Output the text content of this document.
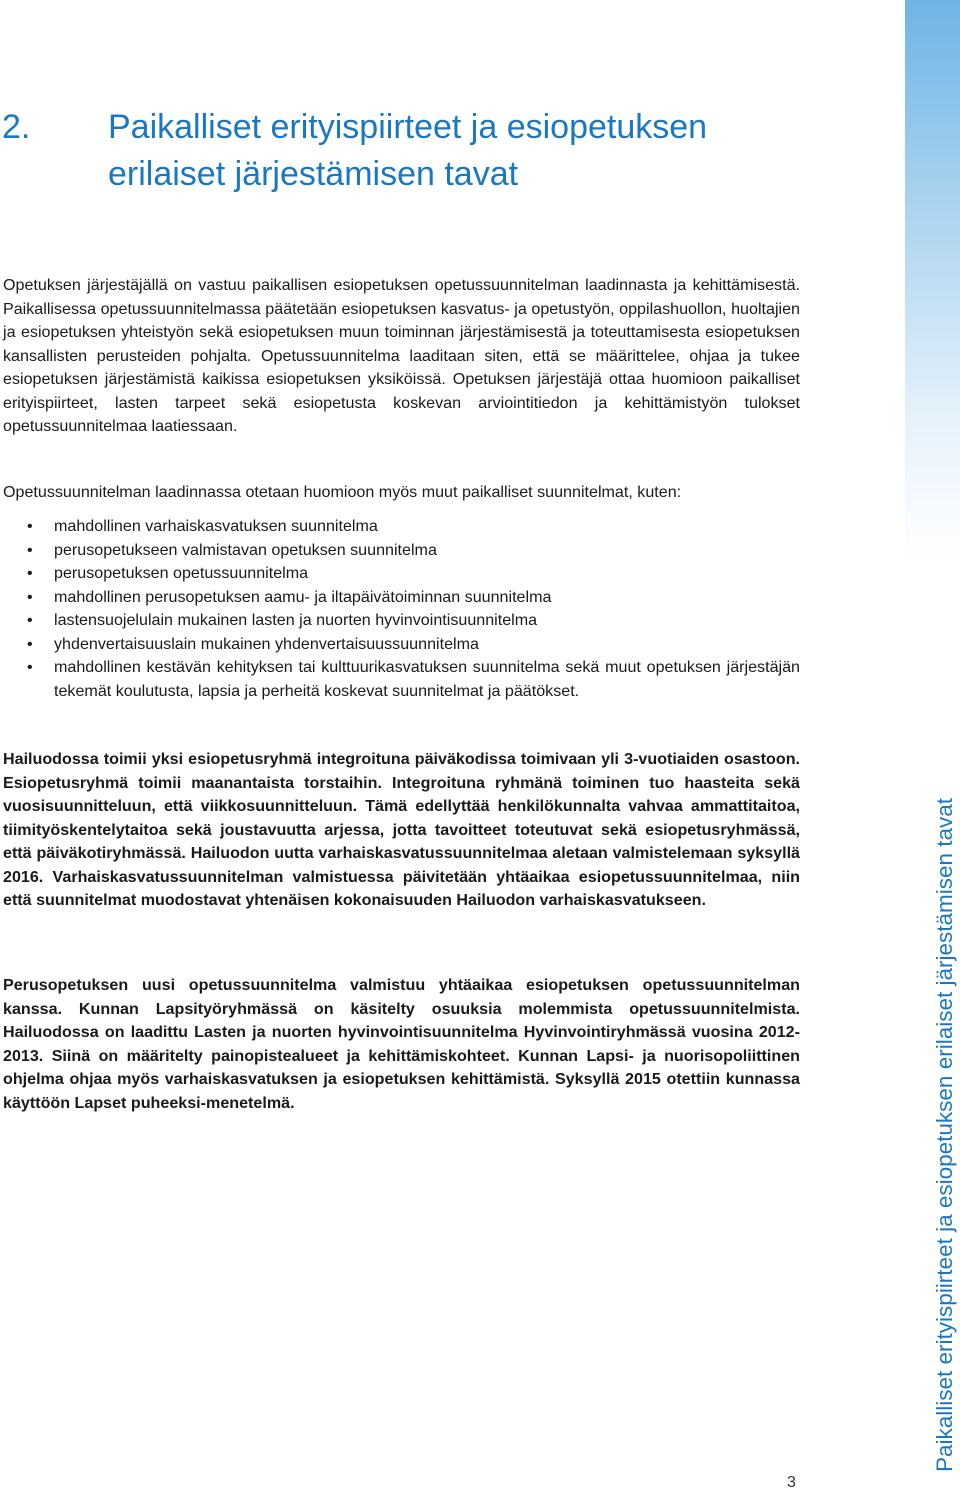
2. Paikalliset erityispiirteet ja esiopetuksen erilaiset järjestämisen tavat

Opetuksen järjestäjällä on vastuu paikallisen esiopetuksen opetussuunnitelman laadinnasta ja kehittämisestä. Paikallisessa opetussuunnitelmassa päätetään esiopetuksen kasvatus- ja opetustyön, oppilashuollon, huoltajien ja esiopetuksen yhteistyön sekä esiopetuksen muun toiminnan järjestämisestä ja toteuttamisesta esiopetuksen kansallisten perusteiden pohjalta. Opetussuunnitelma laaditaan siten, että se määrittelee, ohjaa ja tukee esiopetuksen järjestämistä kaikissa esiopetuksen yksiköissä. Opetuksen järjestäjä ottaa huomioon paikalliset erityispiirteet, lasten tarpeet sekä esiopetusta koskevan arviointitiedon ja kehittämistyön tulokset opetussuunnitelmaa laatiessaan.

Opetussuunnitelman laadinnassa otetaan huomioon myös muut paikalliset suunnitelmat, kuten:

• mahdollinen varhaiskasvatuksen suunnitelma
• perusopetukseen valmistavan opetuksen suunnitelma
• perusopetuksen opetussuunnitelma
• mahdollinen perusopetuksen aamu- ja iltapäivätoiminnan suunnitelma
• lastensuojelulain mukainen lasten ja nuorten hyvinvointisuunnitelma
• yhdenvertaisuuslain mukainen yhdenvertaisuussuunnitelma
• mahdollinen kestävän kehityksen tai kulttuurikasvatuksen suunnitelma sekä muut opetuksen järjestäjän tekemät koulutusta, lapsia ja perheitä koskevat suunnitelmat ja päätökset.

Hailuodossa toimii yksi esiopetusryhmä integroituna päiväkodissa toimivaan yli 3-vuotiaiden osastoon. Esiopetusryhmä toimii maanantaista torstaihin. Integroituna ryhmänä toiminen tuo haasteita sekä vuosisuunnitteluun, että viikkosuunnitteluun. Tämä edellyttää henkilökunnalta vahvaa ammattitaitoa, tiimityöskentelytaitoa sekä joustavuutta arjessa, jotta tavoitteet toteutuvat sekä esiopetusryhmässä, että päiväkotiryhmässä. Hailuodon uutta varhaiskasvatussuunnitelmaa aletaan valmistelemaan syksyllä 2016. Varhaiskasvatussuunnitelman valmistuessa päivitetään yhtäaikaa esiopetussuunnitelmaa, niin että suunnitelmat muodostavat yhtenäisen kokonaisuuden Hailuodon varhaiskasvatukseen.

Perusopetuksen uusi opetussuunnitelma valmistuu yhtäaikaa esiopetuksen opetussuunnitelman kanssa. Kunnan Lapsityöryhmässä on käsitelty osuuksia molemmista opetussuunnitelmista. Hailuodossa on laadittu Lasten ja nuorten hyvinvointisuunnitelma Hyvinvointiryhmässä vuosina 2012-2013. Siinä on määritelty painopistealueet ja kehittämiskohteet. Kunnan Lapsi- ja nuorisopoliittinen ohjelma ohjaa myös varhaiskasvatuksen ja esiopetuksen kehittämistä. Syksyllä 2015 otettiin kunnassa käyttöön Lapset puheeksi-menetelmä.	Paikalliset erityispiirteet ja esiopetuksen erilaiset järjestämisen tavat
3
